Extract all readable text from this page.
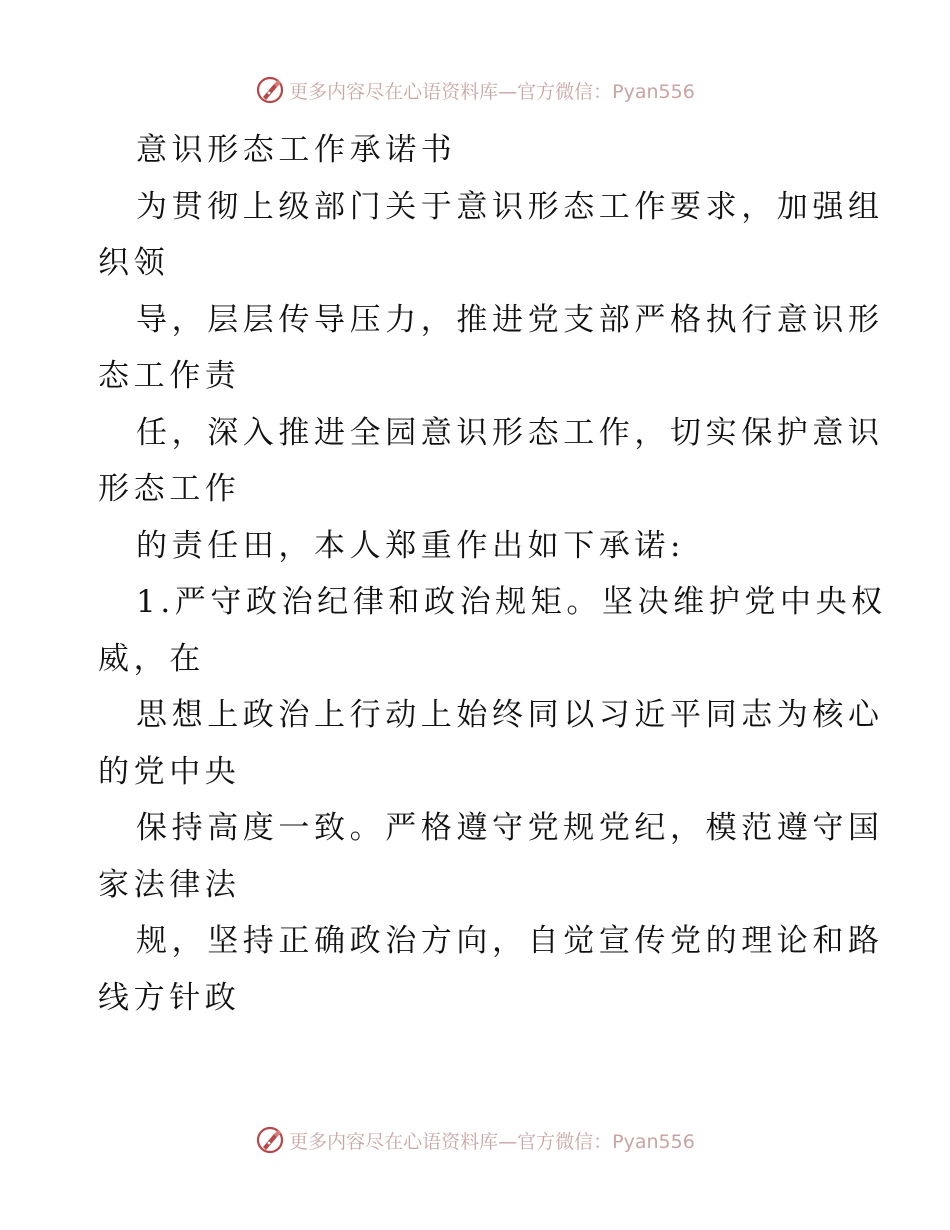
更多内容尽在心语资料库—官方微信：Pyan556
意识形态工作承诺书
为贯彻上级部门关于意识形态工作要求，加强组
织领
导，层层传导压力，推进党支部严格执行意识形
态工作责
任，深入推进全园意识形态工作，切实保护意识
形态工作
的责任田，本人郑重作出如下承诺:
1.严守政治纪律和政治规矩。坚决维护党中央权
威，在
思想上政治上行动上始终同以习近平同志为核心
的党中央
保持高度一致。严格遵守党规党纪，模范遵守国
家法律法
规，坚持正确政治方向，自觉宣传党的理论和路
线方针政
更多内容尽在心语资料库—官方微信：Pyan556
